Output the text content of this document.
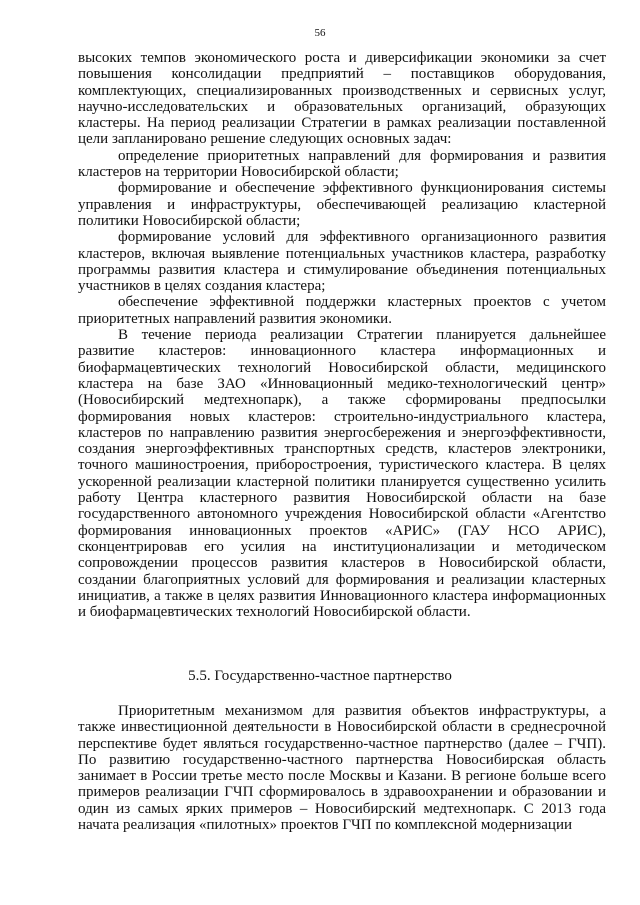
56

высоких темпов экономического роста и диверсификации экономики за счет повышения консолидации предприятий – поставщиков оборудования, комплектующих, специализированных производственных и сервисных услуг, научно-исследовательских и образовательных организаций, образующих кластеры. На период реализации Стратегии в рамках реализации поставленной цели запланировано решение следующих основных задач:

определение приоритетных направлений для формирования и развития кластеров на территории Новосибирской области;

формирование и обеспечение эффективного функционирования системы управления и инфраструктуры, обеспечивающей реализацию кластерной политики Новосибирской области;

формирование условий для эффективного организационного развития кластеров, включая выявление потенциальных участников кластера, разработку программы развития кластера и стимулирование объединения потенциальных участников в целях создания кластера;

обеспечение эффективной поддержки кластерных проектов с учетом приоритетных направлений развития экономики.

В течение периода реализации Стратегии планируется дальнейшее развитие кластеров: инновационного кластера информационных и биофармацевтических технологий Новосибирской области, медицинского кластера на базе ЗАО «Инновационный медико-технологический центр» (Новосибирский медтехнопарк), а также сформированы предпосылки формирования новых кластеров: строительно-индустриального кластера, кластеров по направлению развития энергосбережения и энергоэффективности, создания энергоэффективных транспортных средств, кластеров электроники, точного машиностроения, приборостроения, туристического кластера. В целях ускоренной реализации кластерной политики планируется существенно усилить работу Центра кластерного развития Новосибирской области на базе государственного автономного учреждения Новосибирской области «Агентство формирования инновационных проектов «АРИС» (ГАУ НСО АРИС), сконцентрировав его усилия на институционализации и методическом сопровождении процессов развития кластеров в Новосибирской области, создании благоприятных условий для формирования и реализации кластерных инициатив, а также в целях развития Инновационного кластера информационных и биофармацевтических технологий Новосибирской области.

5.5. Государственно-частное партнерство

Приоритетным механизмом для развития объектов инфраструктуры, а также инвестиционной деятельности в Новосибирской области в среднесрочной перспективе будет являться государственно-частное партнерство (далее – ГЧП). По развитию государственно-частного партнерства Новосибирская область занимает в России третье место после Москвы и Казани. В регионе больше всего примеров реализации ГЧП сформировалось в здравоохранении и образовании и один из самых ярких примеров – Новосибирский медтехнопарк. С 2013 года начата реализация «пилотных» проектов ГЧП по комплексной модернизации
